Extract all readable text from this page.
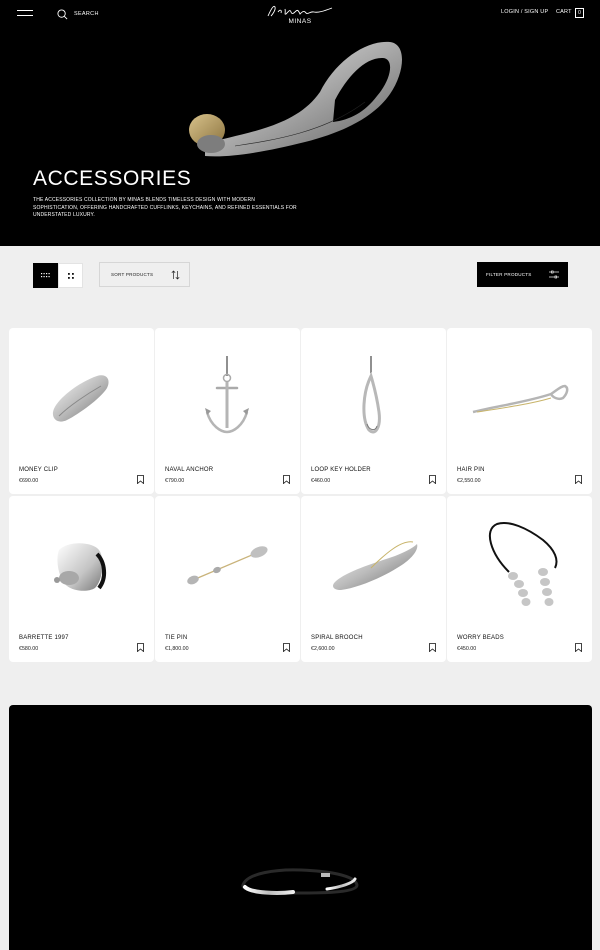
SEARCH
MINAS
LOGIN / SIGN UP CART	0
ACCESSORIES

THE ACCESSORIES COLLECTION BY MINAS BLENDS TIMELESS DESIGN WITH MODERN SOPHISTICATION, OFFERING HANDCRAFTED CUFFLINKS, KEYCHAINS, AND REFINED ESSENTIALS FOR UNDERSTATED LUXURY.

SORT PRODUCTS	FILTER PRODUCTS
MONEY CLIP
€690.00
NAVAL ANCHOR
€790.00
LOOP KEY HOLDER
€460.00
HAIR PIN
€2,550.00
BARRETTE 1997
€580.00
TIE PIN
€1,800.00
SPIRAL BROOCH
€2,600.00
WORRY BEADS
€450.00
